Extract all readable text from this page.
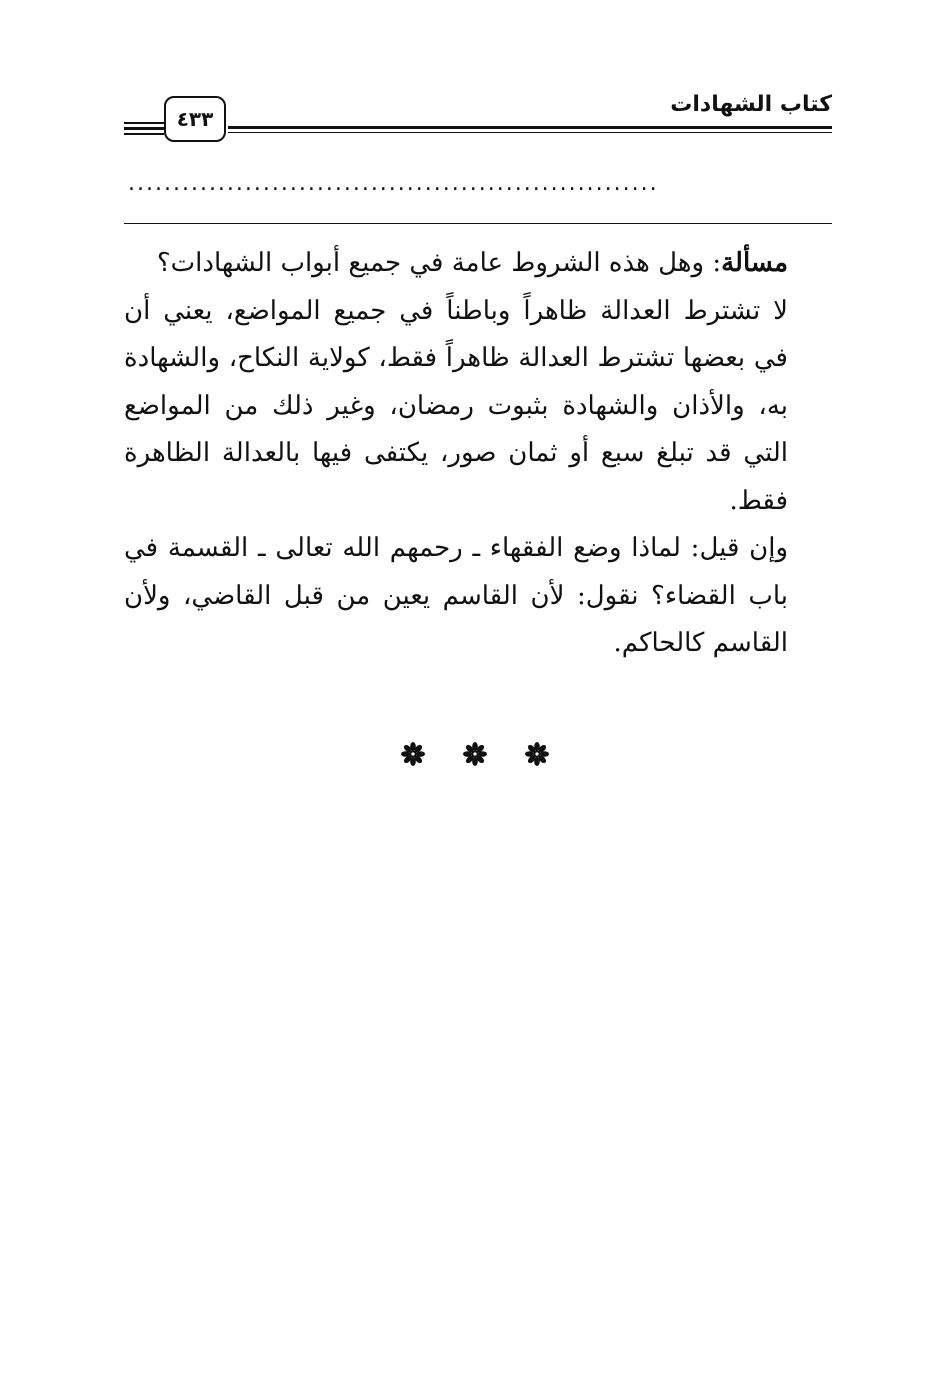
كتاب الشهادات
٤٣٣
...........................................................

مسألة: وهل هذه الشروط عامة في جميع أبواب الشهادات؟

لا تشترط العدالة ظاهراً وباطناً في جميع المواضع، يعني أن في بعضها تشترط العدالة ظاهراً فقط، كولاية النكاح، والشهادة به، والأذان والشهادة بثبوت رمضان، وغير ذلك من المواضع التي قد تبلغ سبع أو ثمان صور، يكتفى فيها بالعدالة الظاهرة فقط.

وإن قيل: لماذا وضع الفقهاء ـ رحمهم الله تعالى ـ القسمة في باب القضاء؟ نقول: لأن القاسم يعين من قبل القاضي، ولأن القاسم كالحاكم.
